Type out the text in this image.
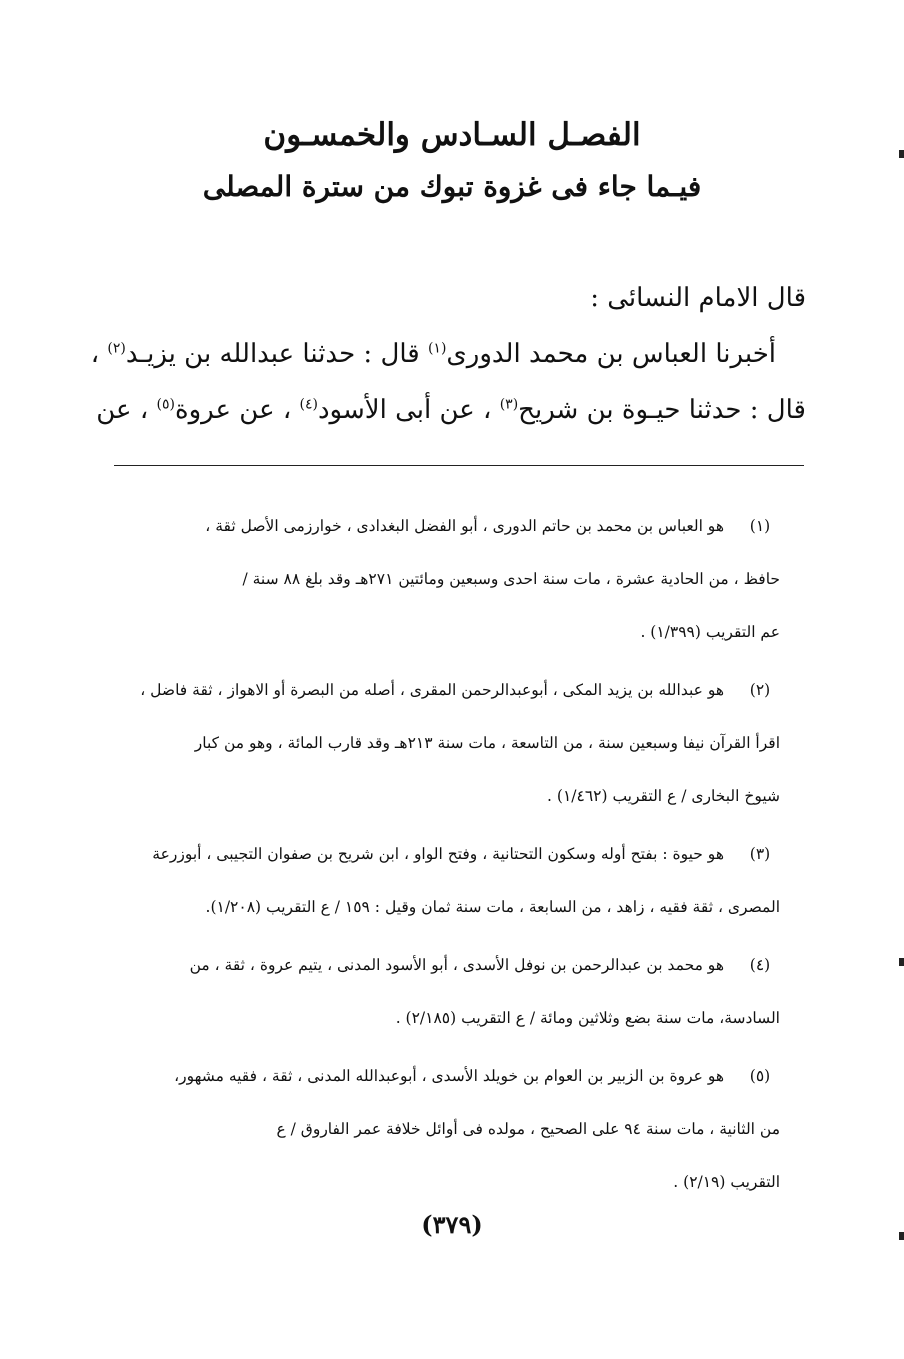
الفصـل السـادس والخمسـون
فيـما جاء فى غزوة تبوك من سترة المصلى
قال الامام النسائى :
أخبرنا العباس بن محمد الدورى$^{(١)}$ قال : حدثنا عبدالله بن يزيـد$^{(٢)}$ ،
قال : حدثنا حيـوة بن شريح$^{(٣)}$ ، عن أبى الأسود$^{(٤)}$ ، عن عروة$^{(٥)}$ ، عن
(١)
هو العباس بن محمد بن حاتم الدورى ، أبو الفضل البغدادى ، خوارزمى الأصل ثقة ،
حافظ ، من الحادية عشرة ، مات سنة احدى وسبعين ومائتين ٢٧١هـ وقد بلغ ٨٨ سنة /
عم التقريب (١/٣٩٩) .
(٢)
هو عبدالله بن يزيد المكى ، أبوعبدالرحمن المقرى ، أصله من البصرة أو الاهواز ، ثقة فاضل ،
اقرأ القرآن نيفا وسبعين سنة ، من التاسعة ، مات سنة ٢١٣هـ وقد قارب المائة ، وهو من كبار
شيوخ البخارى / ع التقريب (١/٤٦٢) .
(٣)
هو حيوة : بفتح أوله وسكون التحتانية ، وفتح الواو ، ابن شريح بن صفوان التجيبى ، أبوزرعة
المصرى ، ثقة فقيه ، زاهد ، من السابعة ، مات سنة ثمان وقيل : ١٥٩ / ع التقريب (١/٢٠٨).
(٤)
هو محمد بن عبدالرحمن بن نوفل الأسدى ، أبو الأسود المدنى ، يتيم عروة ، ثقة ، من
السادسة، مات سنة بضع وثلاثين ومائة / ع التقريب (٢/١٨٥) .
(٥)
هو عروة بن الزبير بن العوام بن خويلد الأسدى ، أبوعبدالله المدنى ، ثقة ، فقيه مشهور،
من الثانية ، مات سنة ٩٤ على الصحيح ، مولده فى أوائل خلافة عمر الفاروق / ع
التقريب (٢/١٩) .
(٣٧٩)
